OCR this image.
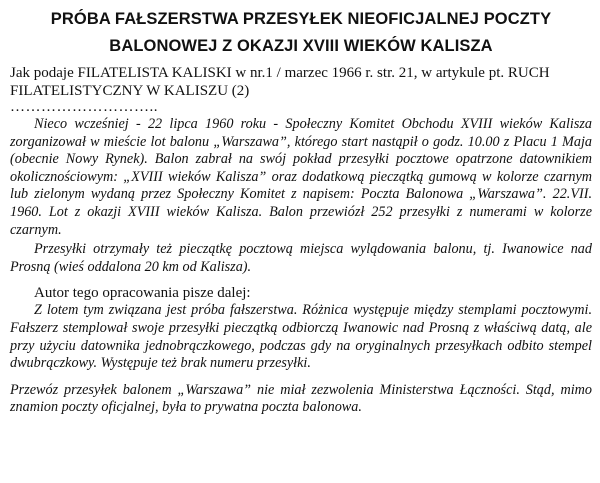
PRÓBA FAŁSZERSTWA PRZESYŁEK NIEOFICJALNEJ POCZTY
BALONOWEJ Z OKAZJI XVIII WIEKÓW KALISZA

Jak podaje FILATELISTA KALISKI w nr.1 / marzec 1966 r. str. 21, w artykule pt. RUCH FILATELISTYCZNY W KALISZU (2)

………………………..

Nieco wcześniej - 22 lipca 1960 roku - Społeczny Komitet Obchodu XVIII wieków Kalisza zorganizował w mieście lot balonu „Warszawa”, którego start nastąpił o godz. 10.00 z Placu 1 Maja (obecnie Nowy Rynek). Balon zabrał na swój pokład przesyłki pocztowe opatrzone datownikiem okolicznościowym: „XVIII wieków Kalisza” oraz dodatkową pieczątką gumową w kolorze czarnym lub zielonym wydaną przez Społeczny Komitet z napisem: Poczta Balonowa „Warszawa”. 22.VII. 1960. Lot z okazji XVIII wieków Kalisza. Balon przewiózł 252 przesyłki z numerami w kolorze czarnym.

Przesyłki otrzymały też pieczątkę pocztową miejsca wylądowania balonu, tj. Iwanowice nad Prosną (wieś oddalona 20 km od Kalisza).

Autor tego opracowania pisze dalej:

Z lotem tym związana jest próba fałszerstwa. Różnica występuje między stemplami pocztowymi. Fałszerz stemplował swoje przesyłki pieczątką odbiorczą Iwanowic nad Prosną z właściwą datą, ale przy użyciu datownika jednobrączkowego, podczas gdy na oryginalnych przesyłkach odbito stempel dwubrączkowy. Występuje też brak numeru przesyłki.

Przewóz przesyłek balonem „Warszawa” nie miał zezwolenia Ministerstwa Łączności. Stąd, mimo znamion poczty oficjalnej, była to prywatna poczta balonowa.
